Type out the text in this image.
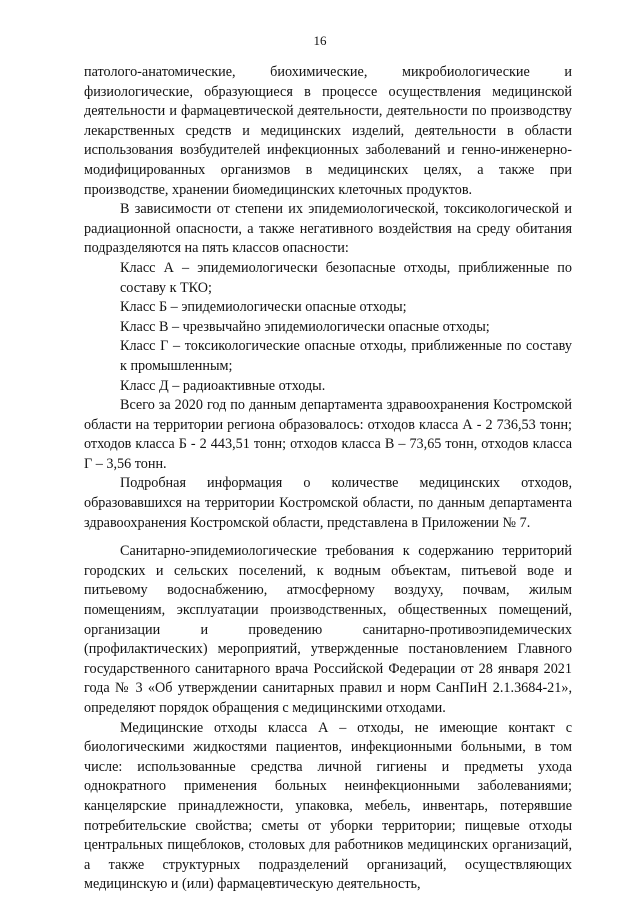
16

патолого-анатомические, биохимические, микробиологические и физиологические, образующиеся в процессе осуществления медицинской деятельности и фармацевтической деятельности, деятельности по производству лекарственных средств и медицинских изделий, деятельности в области использования возбудителей инфекционных заболеваний и генно-инженерно-модифицированных организмов в медицинских целях, а также при производстве, хранении биомедицинских клеточных продуктов.

В зависимости от степени их эпидемиологической, токсикологической и радиационной опасности, а также негативного воздействия на среду обитания подразделяются на пять классов опасности:

Класс А – эпидемиологически безопасные отходы, приближенные по составу к ТКО;

Класс Б – эпидемиологически опасные отходы;

Класс В – чрезвычайно эпидемиологически опасные отходы;

Класс Г – токсикологические опасные отходы, приближенные по составу к промышленным;

Класс Д – радиоактивные отходы.

Всего за 2020 год по данным департамента здравоохранения Костромской области на территории региона образовалось: отходов класса А - 2 736,53 тонн; отходов класса Б - 2 443,51 тонн; отходов класса В – 73,65 тонн, отходов класса Г – 3,56 тонн.

Подробная информация о количестве медицинских отходов, образовавшихся на территории Костромской области, по данным департамента здравоохранения Костромской области, представлена в Приложении № 7.

Санитарно-эпидемиологические требования к содержанию территорий городских и сельских поселений, к водным объектам, питьевой воде и питьевому водоснабжению, атмосферному воздуху, почвам, жилым помещениям, эксплуатации производственных, общественных помещений, организации и проведению санитарно-противоэпидемических (профилактических) мероприятий, утвержденные постановлением Главного государственного санитарного врача Российской Федерации от 28 января 2021 года № 3 «Об утверждении санитарных правил и норм СанПиН 2.1.3684-21», определяют порядок обращения с медицинскими отходами.

Медицинские отходы класса А – отходы, не имеющие контакт с биологическими жидкостями пациентов, инфекционными больными, в том числе: использованные средства личной гигиены и предметы ухода однократного применения больных неинфекционными заболеваниями; канцелярские принадлежности, упаковка, мебель, инвентарь, потерявшие потребительские свойства; сметы от уборки территории; пищевые отходы центральных пищеблоков, столовых для работников медицинских организаций, а также структурных подразделений организаций, осуществляющих медицинскую и (или) фармацевтическую деятельность,
